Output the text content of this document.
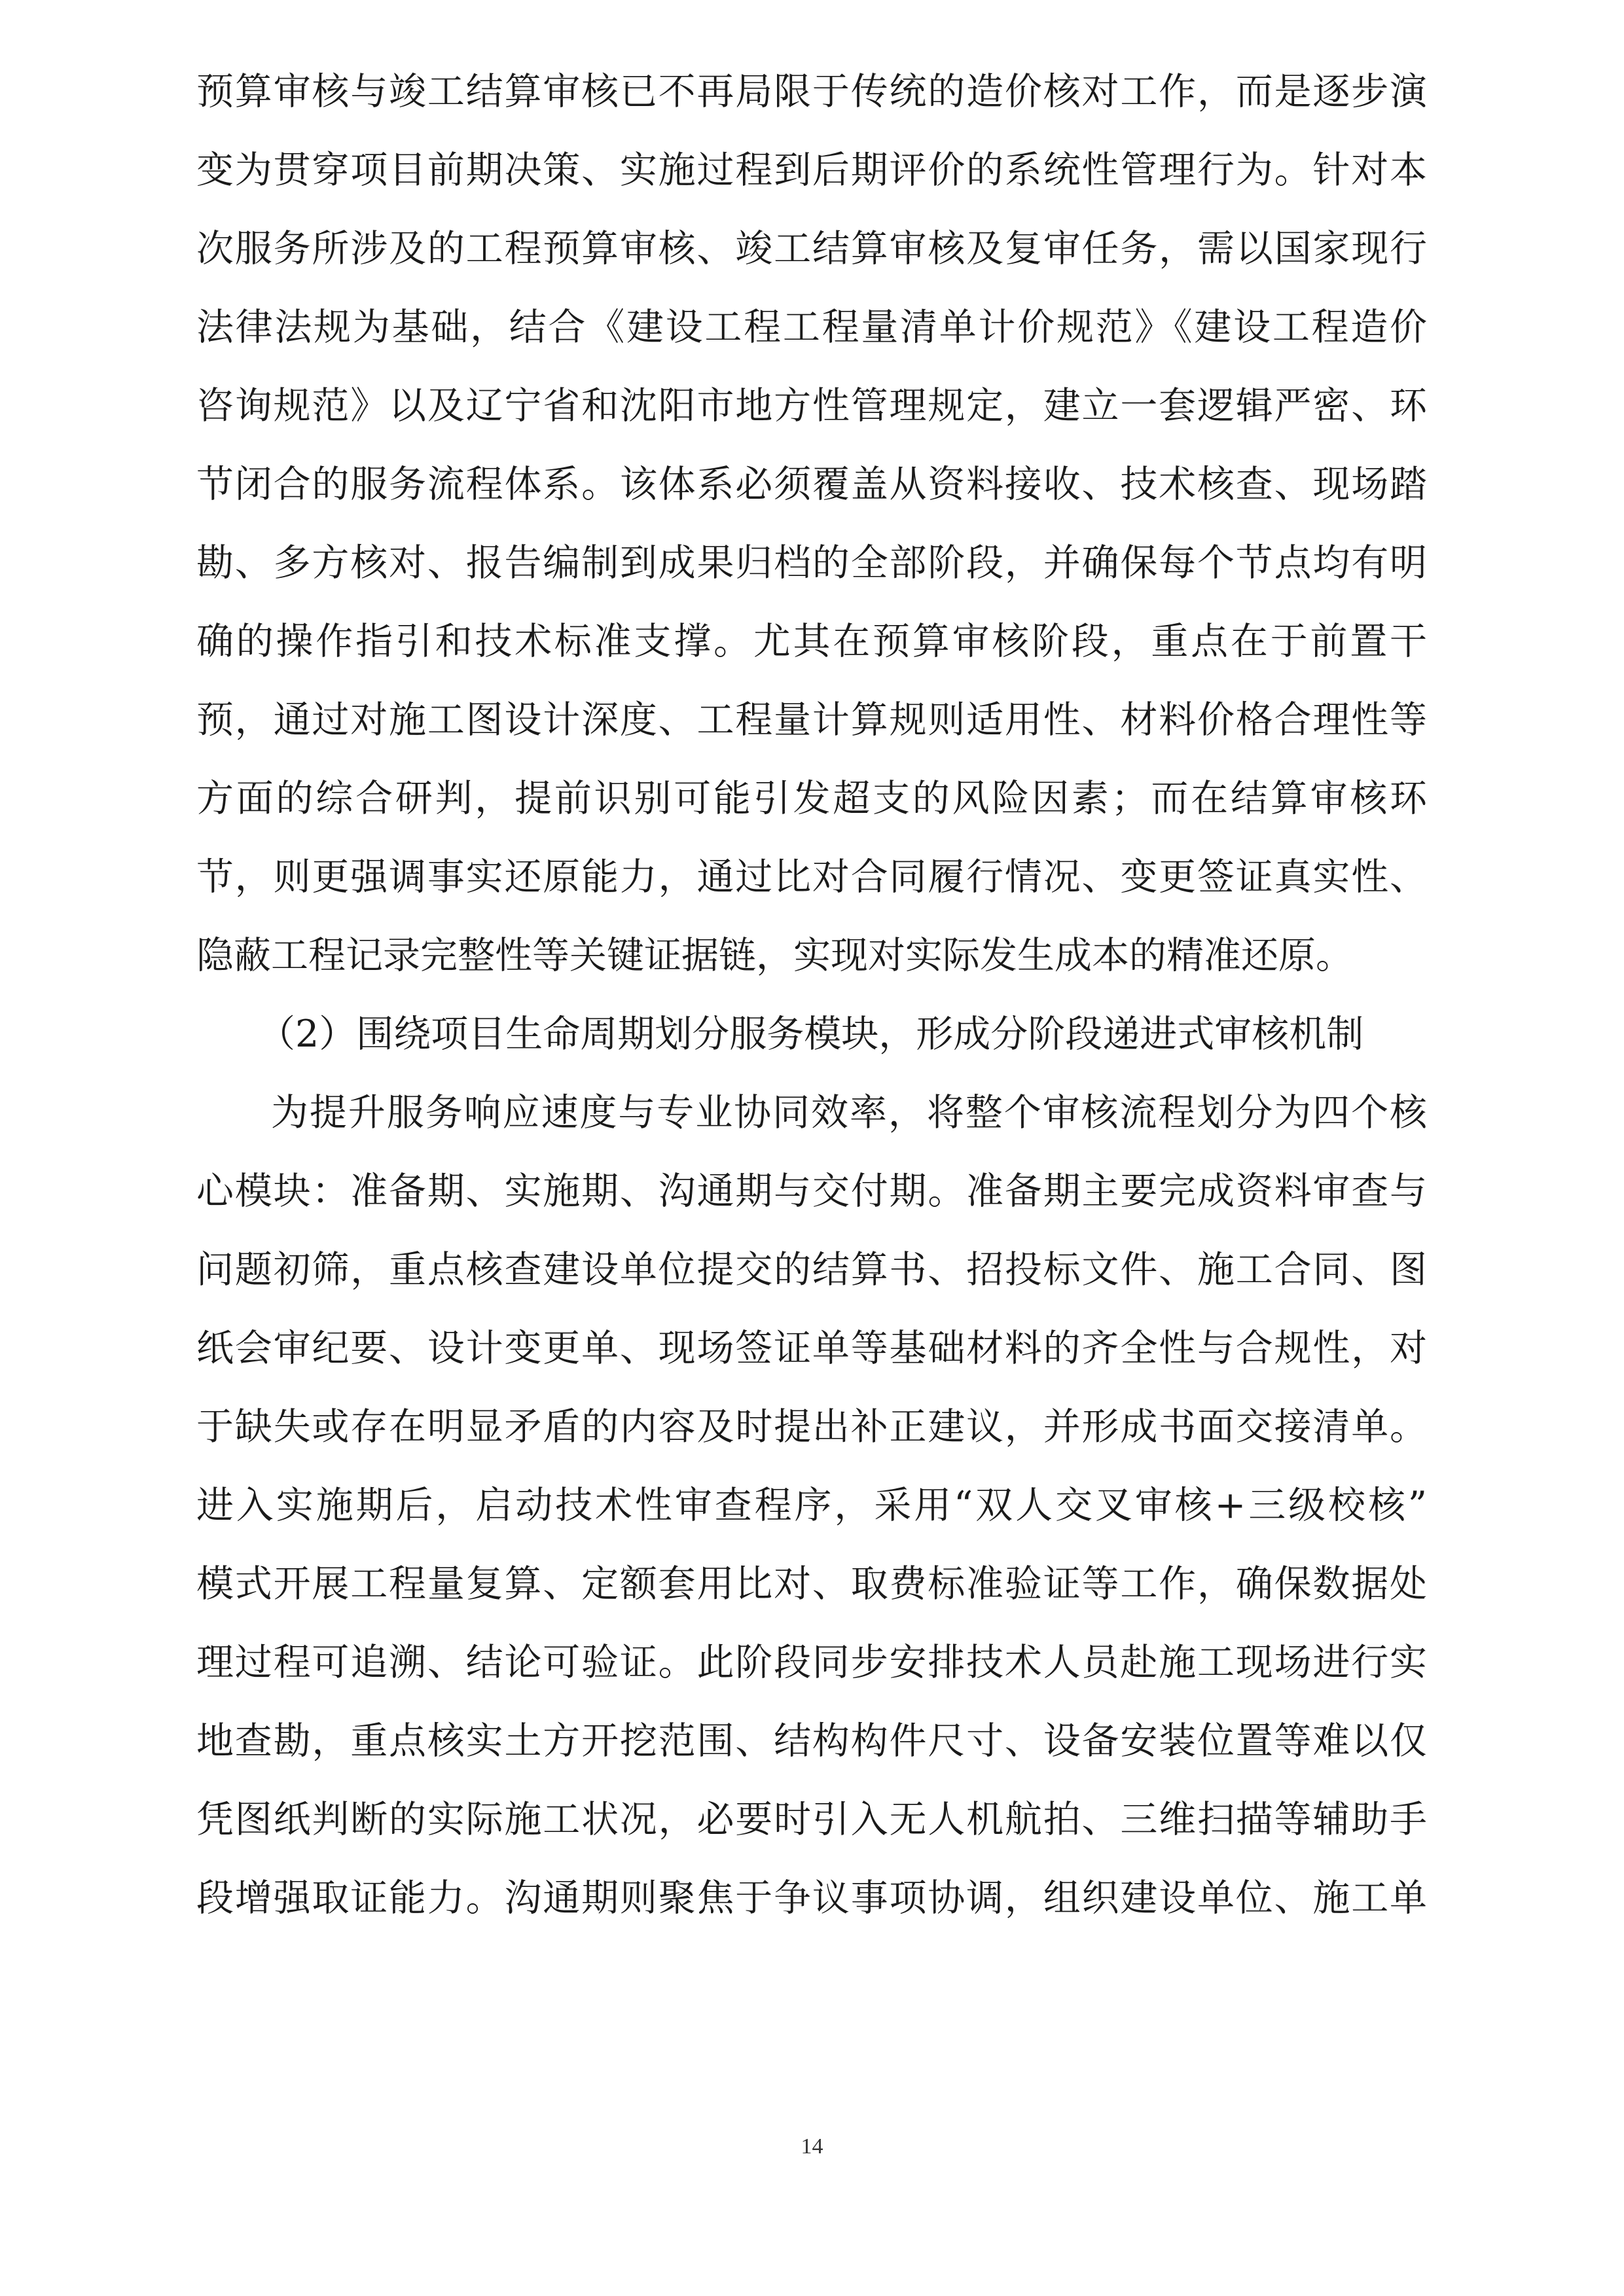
预算审核与竣工结算审核已不再局限于传统的造价核对工作，而是逐步演
变为贯穿项目前期决策、实施过程到后期评价的系统性管理行为。针对本
次服务所涉及的工程预算审核、竣工结算审核及复审任务，需以国家现行
法律法规为基础，结合《建设工程工程量清单计价规范》《建设工程造价
咨询规范》以及辽宁省和沈阳市地方性管理规定，建立一套逻辑严密、环
节闭合的服务流程体系。该体系必须覆盖从资料接收、技术核查、现场踏
勘、多方核对、报告编制到成果归档的全部阶段，并确保每个节点均有明
确的操作指引和技术标准支撑。尤其在预算审核阶段，重点在于前置干
预，通过对施工图设计深度、工程量计算规则适用性、材料价格合理性等
方面的综合研判，提前识别可能引发超支的风险因素；而在结算审核环
节，则更强调事实还原能力，通过比对合同履行情况、变更签证真实性、
隐蔽工程记录完整性等关键证据链，实现对实际发生成本的精准还原。
（2）围绕项目生命周期划分服务模块，形成分阶段递进式审核机制
为提升服务响应速度与专业协同效率，将整个审核流程划分为四个核
心模块：准备期、实施期、沟通期与交付期。准备期主要完成资料审查与
问题初筛，重点核查建设单位提交的结算书、招投标文件、施工合同、图
纸会审纪要、设计变更单、现场签证单等基础材料的齐全性与合规性，对
于缺失或存在明显矛盾的内容及时提出补正建议，并形成书面交接清单。
进入实施期后，启动技术性审查程序，采用“双人交叉审核+三级校核”
模式开展工程量复算、定额套用比对、取费标准验证等工作，确保数据处
理过程可追溯、结论可验证。此阶段同步安排技术人员赴施工现场进行实
地查勘，重点核实土方开挖范围、结构构件尺寸、设备安装位置等难以仅
凭图纸判断的实际施工状况，必要时引入无人机航拍、三维扫描等辅助手
段增强取证能力。沟通期则聚焦于争议事项协调，组织建设单位、施工单
14
